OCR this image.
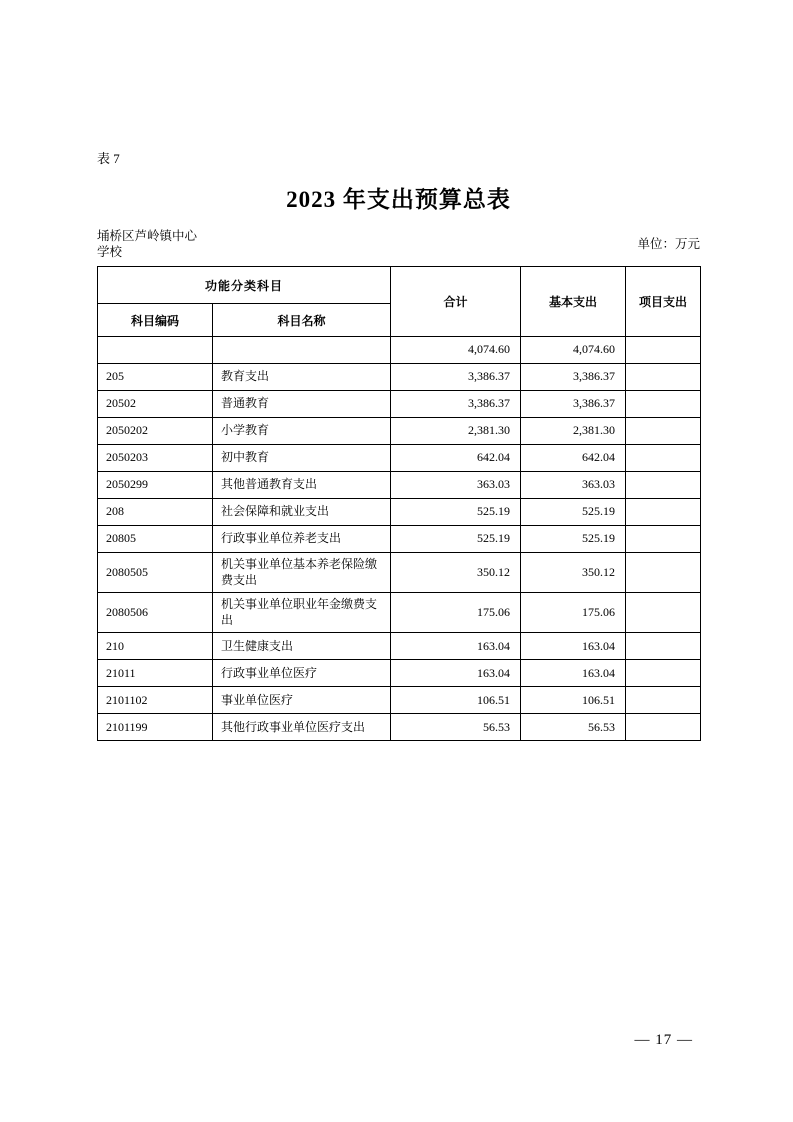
表 7
2023 年支出预算总表
埇桥区芦岭镇中心学校
单位：万元
功能分类科目		合计	基本支出	项目支出
科目编码	科目名称			
		4,074.60	4,074.60	
205	教育支出	3,386.37	3,386.37	
20502	普通教育	3,386.37	3,386.37	
2050202	小学教育	2,381.30	2,381.30	
2050203	初中教育	642.04	642.04	
2050299	其他普通教育支出	363.03	363.03	
208	社会保障和就业支出	525.19	525.19	
20805	行政事业单位养老支出	525.19	525.19	
2080505	机关事业单位基本养老保险缴费支出	350.12	350.12	
2080506	机关事业单位职业年金缴费支出	175.06	175.06	
210	卫生健康支出	163.04	163.04	
21011	行政事业单位医疗	163.04	163.04	
2101102	事业单位医疗	106.51	106.51	
2101199	其他行政事业单位医疗支出	56.53	56.53	
— 17 —
